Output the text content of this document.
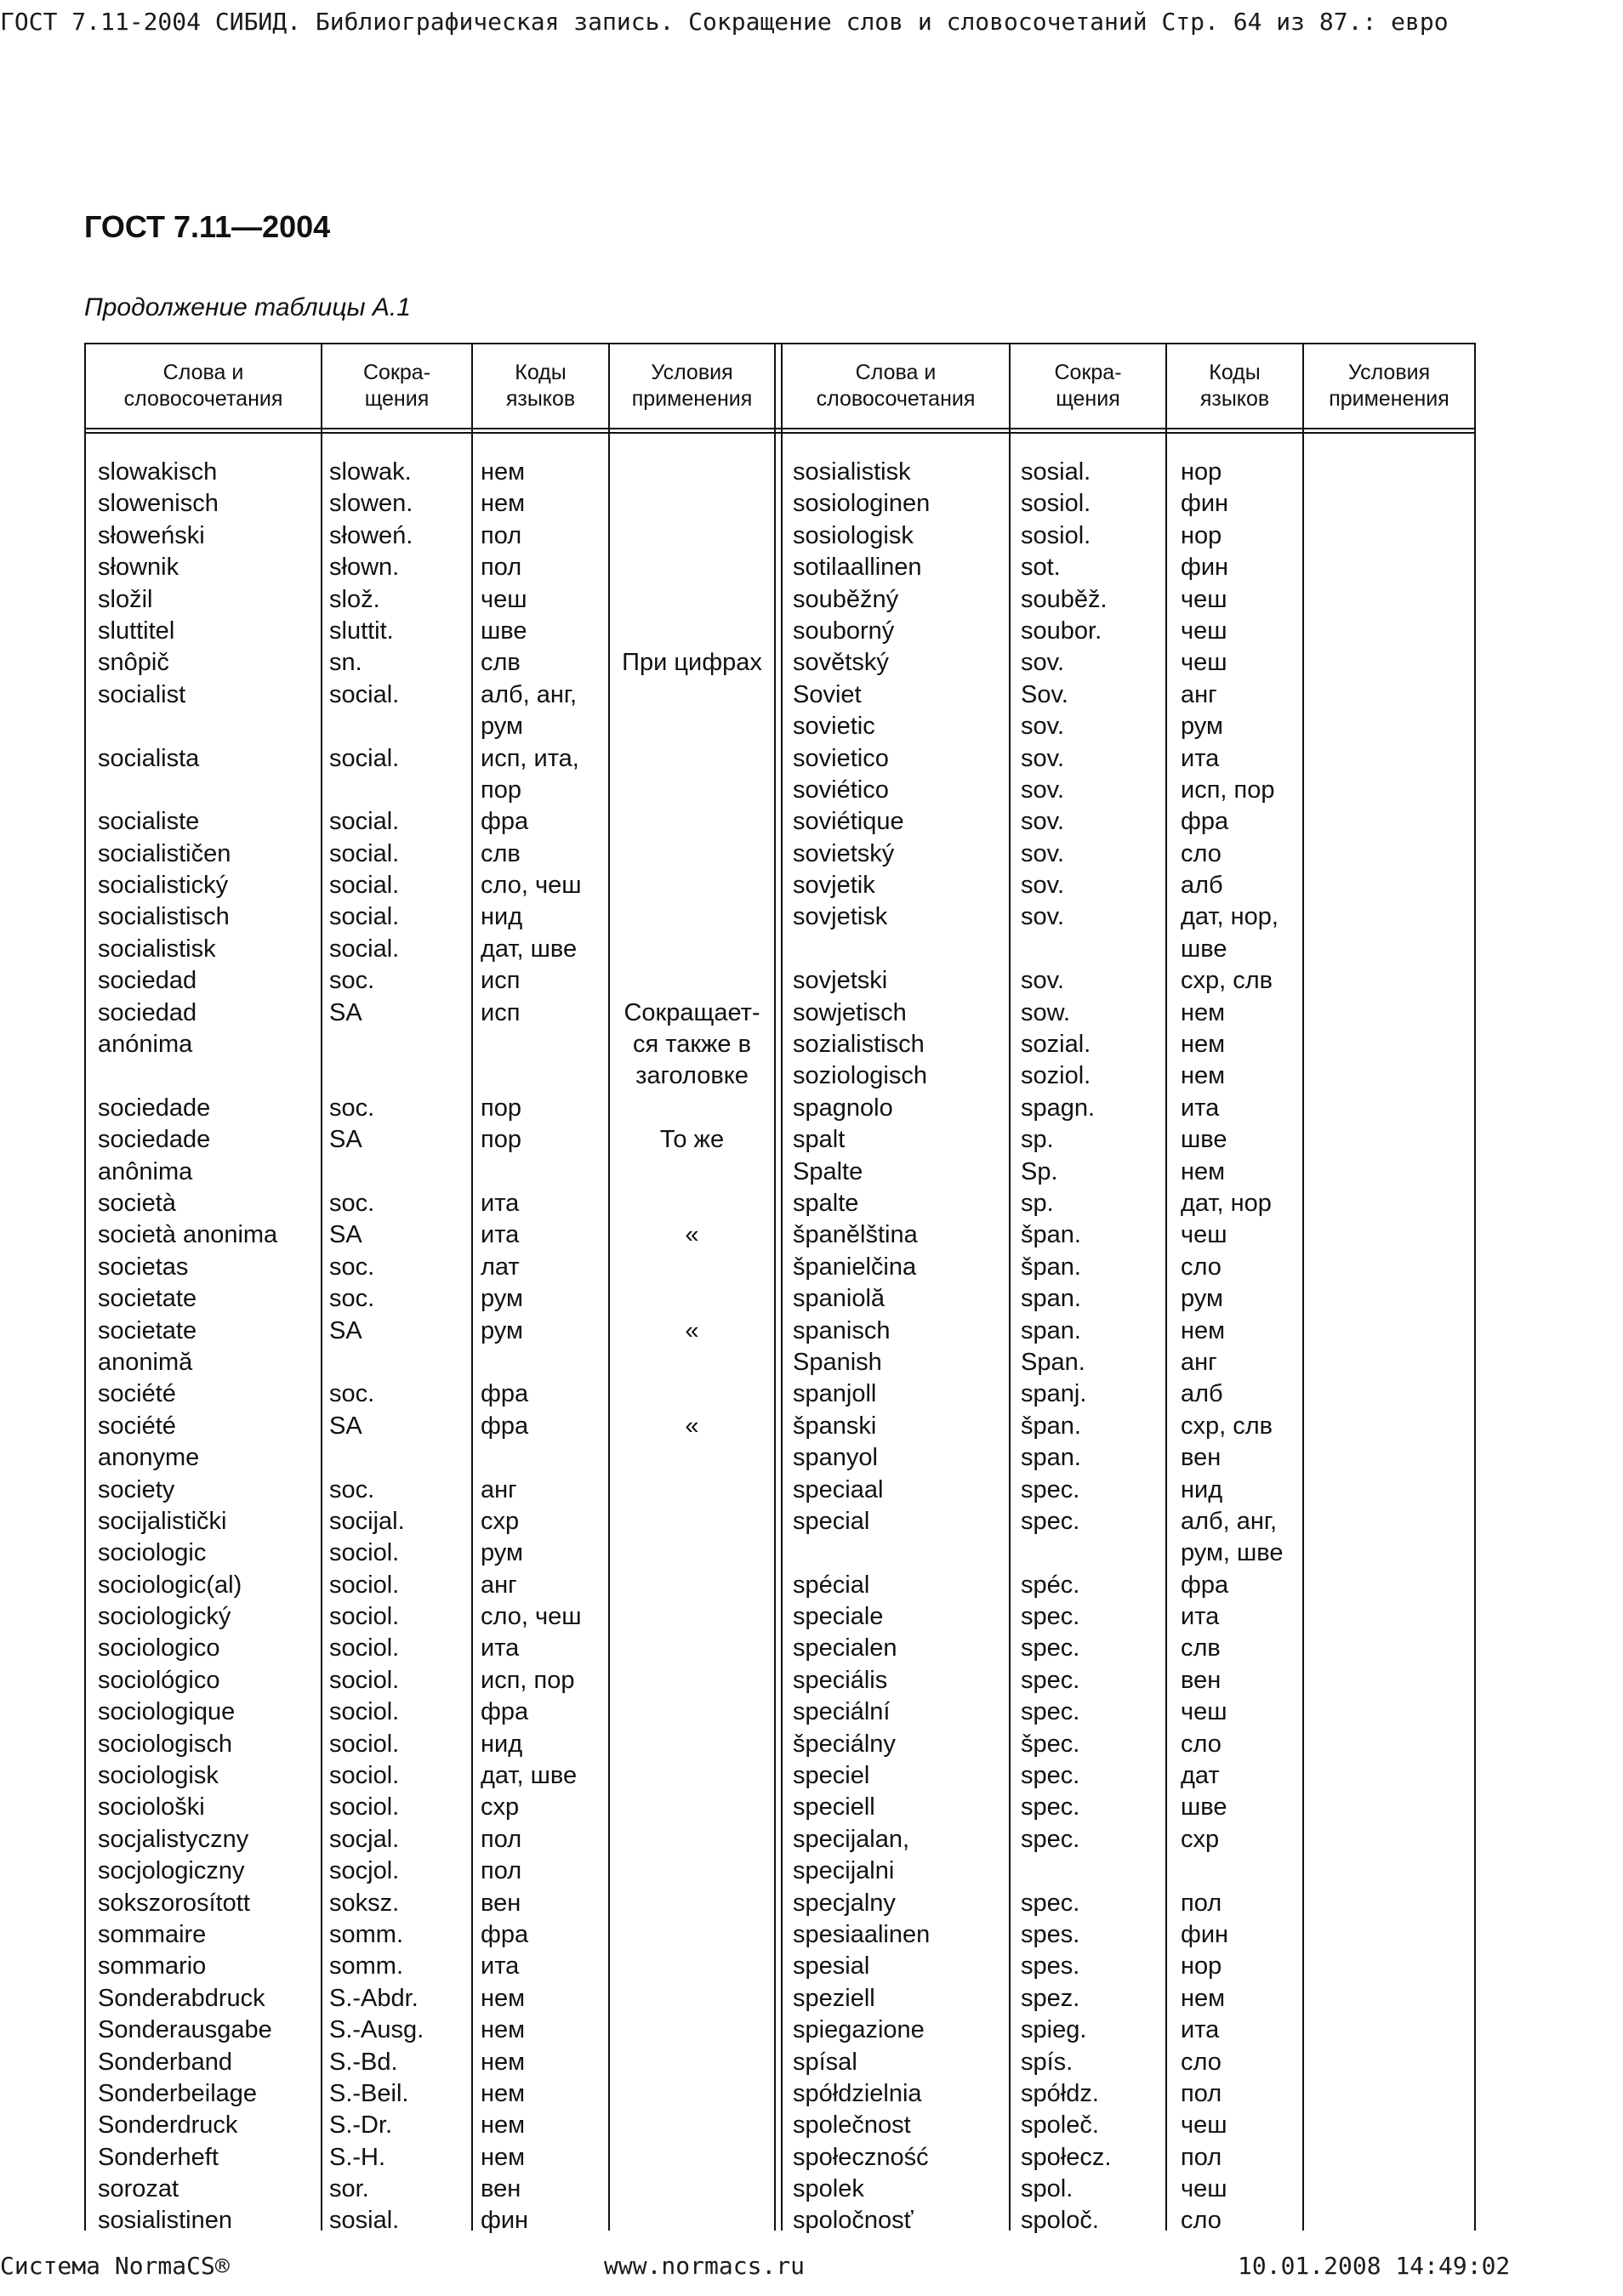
ГОСТ 7.11-2004 СИБИД. Библиографическая запись. Сокращение слов и словосочетаний Стр. 64 из 87.: евро
ГОСТ 7.11—2004
Продолжение таблицы А.1
Слова и
словосочетания
Сокра-
щения
Коды
языков
Условия
применения
Слова и
словосочетания
Сокра-
щения
Коды
языков
Условия
применения
slowakisch
slowenisch
słoweński
słownik
složil
sluttitel
snôpič
socialist
socialista
socialiste
socialističen
socialistický
socialistisch
socialistisk
sociedad
sociedad
anónima
sociedade
sociedade
anônima
società
società anonima
societas
societate
societate
anonimă
société
société
anonyme
society
socijalistički
sociologic
sociologic(al)
sociologický
sociologico
sociológico
sociologique
sociologisch
sociologisk
sociološki
socjalistyczny
socjologiczny
sokszorosított
sommaire
sommario
Sonderabdruck
Sonderausgabe
Sonderband
Sonderbeilage
Sonderdruck
Sonderheft
sorozat
sosialistinen
slowak.
slowen.
słoweń.
słown.
slož.
sluttit.
sn.
social.
social.
social.
social.
social.
social.
social.
soc.
SA
soc.
SA
soc.
SA
soc.
soc.
SA
soc.
SA
soc.
socijal.
sociol.
sociol.
sociol.
sociol.
sociol.
sociol.
sociol.
sociol.
sociol.
socjal.
socjol.
soksz.
somm.
somm.
S.-Abdr.
S.-Ausg.
S.-Bd.
S.-Beil.
S.-Dr.
S.-H.
sor.
sosial.
нем
нем
пол
пол
чеш
шве
слв
алб, анг,
рум
исп, ита,
пор
фра
слв
сло, чеш
нид
дат, шве
исп
исп
пор
пор
ита
ита
лат
рум
рум
фра
фра
анг
схр
рум
анг
сло, чеш
ита
исп, пор
фра
нид
дат, шве
схр
пол
пол
вен
фра
ита
нем
нем
нем
нем
нем
нем
вен
фин
При цифрах
Сокращает-
ся также в
заголовке
То же
«
«
«
sosialistisk
sosiologinen
sosiologisk
sotilaallinen
souběžný
souborný
sovětský
Soviet
sovietic
sovietico
soviético
soviétique
sovietský
sovjetik
sovjetisk
sovjetski
sowjetisch
sozialistisch
soziologisch
spagnolo
spalt
Spalte
spalte
španělština
španielčina
spaniolă
spanisch
Spanish
spanjoll
španski
spanyol
speciaal
special
spécial
speciale
specialen
speciális
speciální
špeciálny
speciel
speciell
specijalan,
specijalni
specjalny
spesiaalinen
spesial
speziell
spiegazione
spísal
spółdzielnia
společnost
społeczność
spolek
spoločnosť
sosial.
sosiol.
sosiol.
sot.
souběž.
soubor.
sov.
Sov.
sov.
sov.
sov.
sov.
sov.
sov.
sov.
sov.
sow.
sozial.
soziol.
spagn.
sp.
Sp.
sp.
špan.
špan.
span.
span.
Span.
spanj.
špan.
span.
spec.
spec.
spéc.
spec.
spec.
spec.
spec.
špec.
spec.
spec.
spec.
spec.
spes.
spes.
spez.
spieg.
spís.
spółdz.
společ.
społecz.
spol.
spoloč.
нор
фин
нор
фин
чеш
чеш
чеш
анг
рум
ита
исп, пор
фра
сло
алб
дат, нор,
шве
схр, слв
нем
нем
нем
ита
шве
нем
дат, нор
чеш
сло
рум
нем
анг
алб
схр, слв
вен
нид
алб, анг,
рум, шве
фра
ита
слв
вен
чеш
сло
дат
шве
схр
пол
фин
нор
нем
ита
сло
пол
чеш
пол
чеш
сло
Система NormaCS®	www.normacs.ru	10.01.2008 14:49:02
